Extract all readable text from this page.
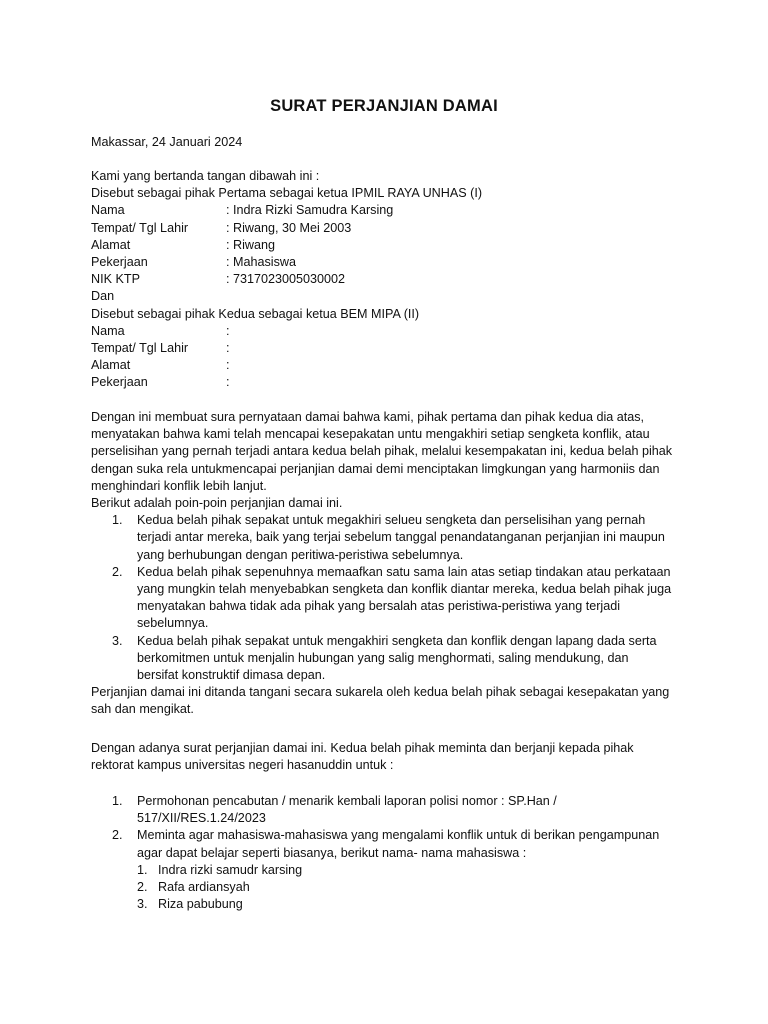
SURAT PERJANJIAN DAMAI
Makassar, 24 Januari 2024
Kami yang bertanda tangan dibawah ini :
Disebut sebagai pihak Pertama sebagai ketua IPMIL RAYA UNHAS (I)
Nama	: Indra Rizki Samudra Karsing
Tempat/ Tgl Lahir	: Riwang, 30 Mei 2003
Alamat	: Riwang
Pekerjaan	: Mahasiswa
NIK KTP	: 7317023005030002
Dan
Disebut sebagai pihak Kedua sebagai ketua BEM MIPA (II)
Nama	:
Tempat/ Tgl Lahir	:
Alamat	:
Pekerjaan	:
Dengan ini membuat sura pernyataan damai bahwa kami, pihak pertama dan pihak kedua dia atas,
menyatakan bahwa kami telah mencapai kesepakatan untu mengakhiri setiap sengketa konflik, atau
perselisihan yang pernah terjadi antara kedua belah pihak, melalui kesempakatan ini, kedua belah pihak
dengan suka rela untukmencapai perjanjian damai demi menciptakan limgkungan yang harmoniis dan
menghindari konflik lebih lanjut.
Berikut adalah poin-poin perjanjian damai ini.
1. Kedua belah pihak sepakat untuk megakhiri selueu sengketa dan perselisihan yang pernah
terjadi antar mereka, baik yang terjai sebelum tanggal penandatanganan perjanjian ini maupun
yang berhubungan dengan peritiwa-peristiwa sebelumnya.
2. Kedua belah pihak sepenuhnya memaafkan satu sama lain atas setiap tindakan atau perkataan
yang mungkin telah menyebabkan sengketa dan konflik diantar mereka, kedua belah pihak juga
menyatakan bahwa tidak ada pihak yang bersalah atas peristiwa-peristiwa yang terjadi
sebelumnya.
3. Kedua belah pihak sepakat untuk mengakhiri sengketa dan konflik dengan lapang dada serta
berkomitmen untuk menjalin hubungan yang salig menghormati, saling mendukung, dan
bersifat konstruktif dimasa depan.
Perjanjian damai ini ditanda tangani secara sukarela oleh kedua belah pihak sebagai kesepakatan yang
sah dan mengikat.
Dengan adanya surat perjanjian damai ini. Kedua belah pihak meminta dan berjanji kepada pihak
rektorat kampus universitas negeri hasanuddin untuk :
1. Permohonan pencabutan / menarik kembali laporan polisi nomor : SP.Han /
517/XII/RES.1.24/2023
2. Meminta agar mahasiswa-mahasiswa yang mengalami konflik untuk di berikan pengampunan
agar dapat belajar seperti biasanya, berikut nama- nama mahasiswa :
1. Indra rizki samudr karsing
2. Rafa ardiansyah
3. Riza pabubung
